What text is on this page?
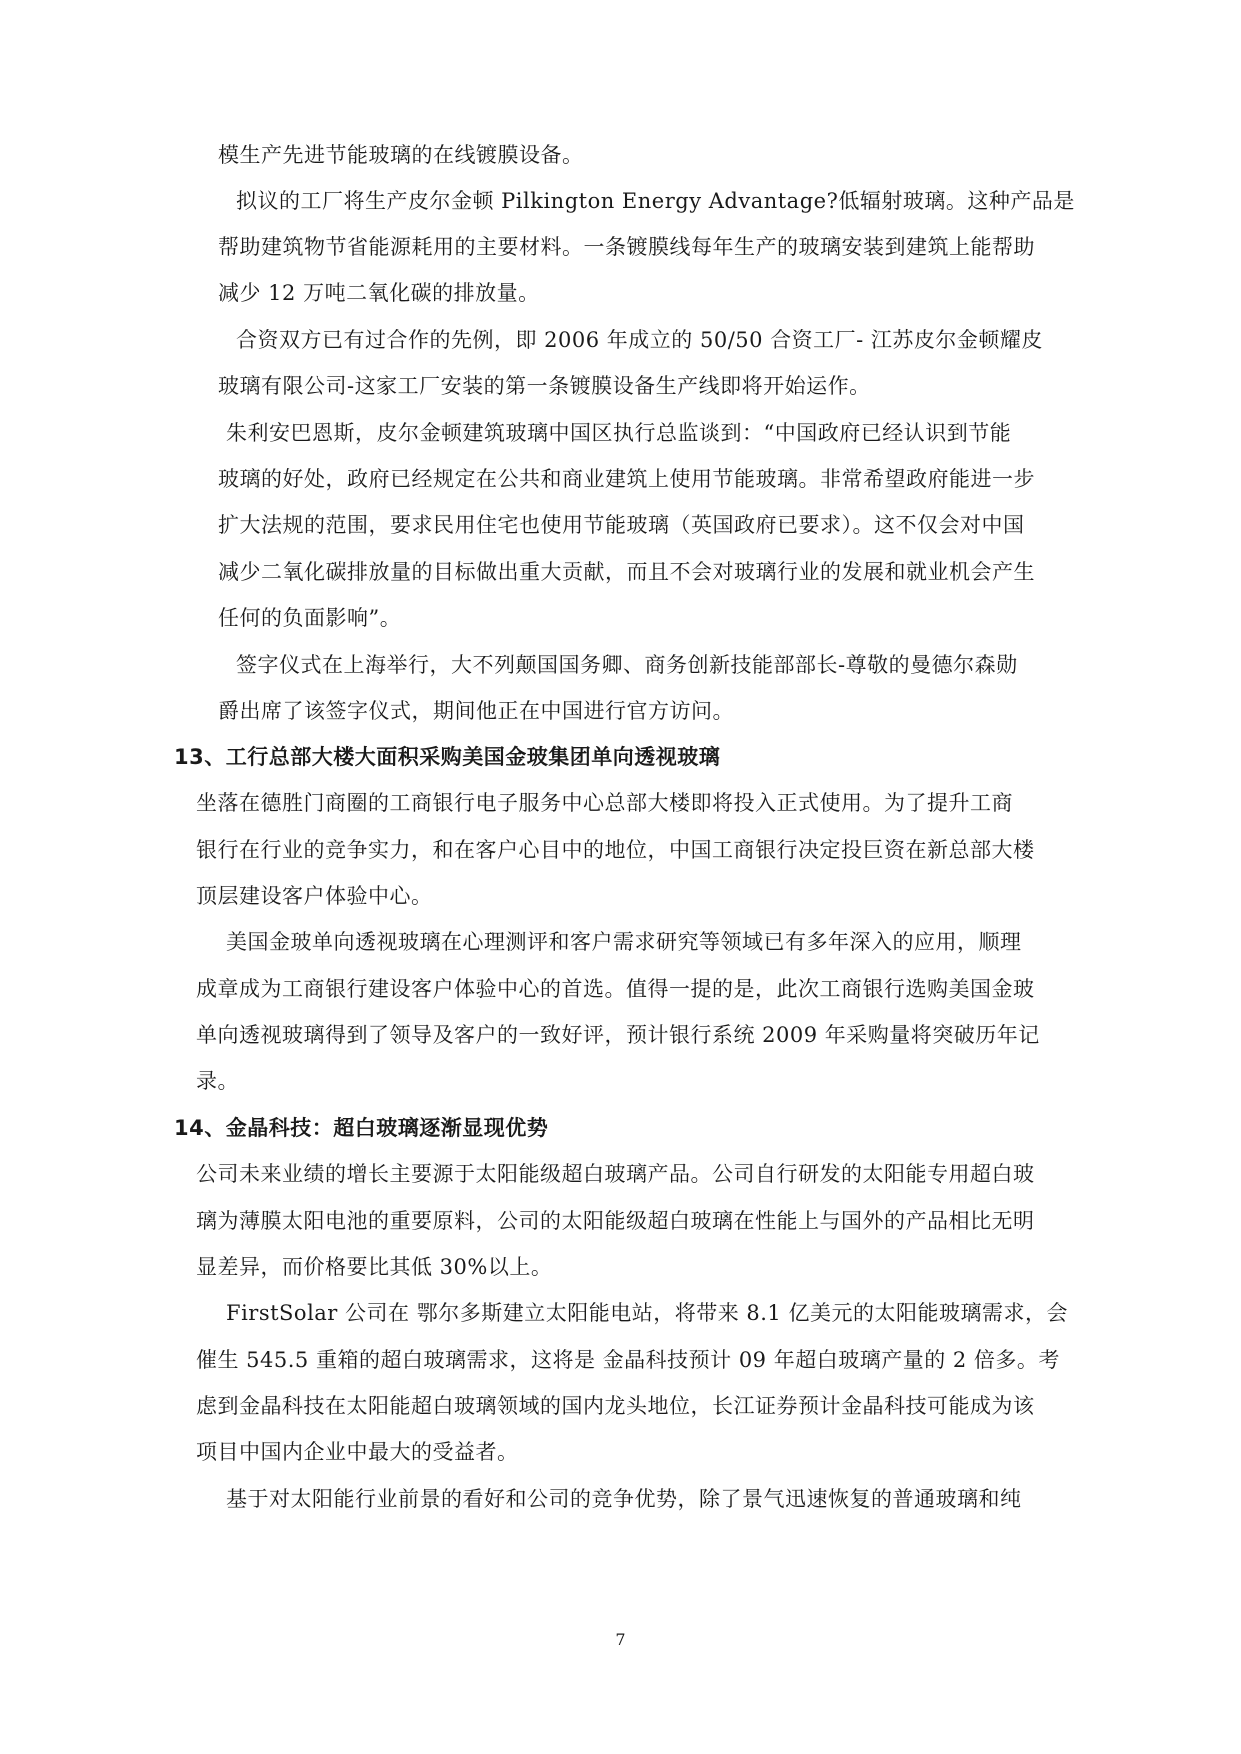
模生产先进节能玻璃的在线镀膜设备。
拟议的工厂将生产皮尔金顿 Pilkington Energy Advantage?低辐射玻璃。这种产品是
帮助建筑物节省能源耗用的主要材料。一条镀膜线每年生产的玻璃安装到建筑上能帮助
减少 12 万吨二氧化碳的排放量。
合资双方已有过合作的先例，即 2006 年成立的 50/50 合资工厂- 江苏皮尔金顿耀皮
玻璃有限公司-这家工厂安装的第一条镀膜设备生产线即将开始运作。
朱利安巴恩斯，皮尔金顿建筑玻璃中国区执行总监谈到：“中国政府已经认识到节能
玻璃的好处，政府已经规定在公共和商业建筑上使用节能玻璃。非常希望政府能进一步
扩大法规的范围，要求民用住宅也使用节能玻璃（英国政府已要求）。这不仅会对中国
减少二氧化碳排放量的目标做出重大贡献，而且不会对玻璃行业的发展和就业机会产生
任何的负面影响”。
签字仪式在上海举行，大不列颠国国务卿、商务创新技能部部长-尊敬的曼德尔森勋
爵出席了该签字仪式，期间他正在中国进行官方访问。
13、工行总部大楼大面积采购美国金玻集团单向透视玻璃
坐落在德胜门商圈的工商银行电子服务中心总部大楼即将投入正式使用。为了提升工商
银行在行业的竞争实力，和在客户心目中的地位，中国工商银行决定投巨资在新总部大楼
顶层建设客户体验中心。
美国金玻单向透视玻璃在心理测评和客户需求研究等领域已有多年深入的应用，顺理
成章成为工商银行建设客户体验中心的首选。值得一提的是，此次工商银行选购美国金玻
单向透视玻璃得到了领导及客户的一致好评，预计银行系统 2009 年采购量将突破历年记
录。
14、金晶科技：超白玻璃逐渐显现优势
公司未来业绩的增长主要源于太阳能级超白玻璃产品。公司自行研发的太阳能专用超白玻
璃为薄膜太阳电池的重要原料，公司的太阳能级超白玻璃在性能上与国外的产品相比无明
显差异，而价格要比其低 30%以上。
FirstSolar 公司在 鄂尔多斯建立太阳能电站，将带来 8.1 亿美元的太阳能玻璃需求，会
催生 545.5 重箱的超白玻璃需求，这将是 金晶科技预计 09 年超白玻璃产量的 2 倍多。考
虑到金晶科技在太阳能超白玻璃领域的国内龙头地位，长江证券预计金晶科技可能成为该
项目中国内企业中最大的受益者。
基于对太阳能行业前景的看好和公司的竞争优势，除了景气迅速恢复的普通玻璃和纯
7
